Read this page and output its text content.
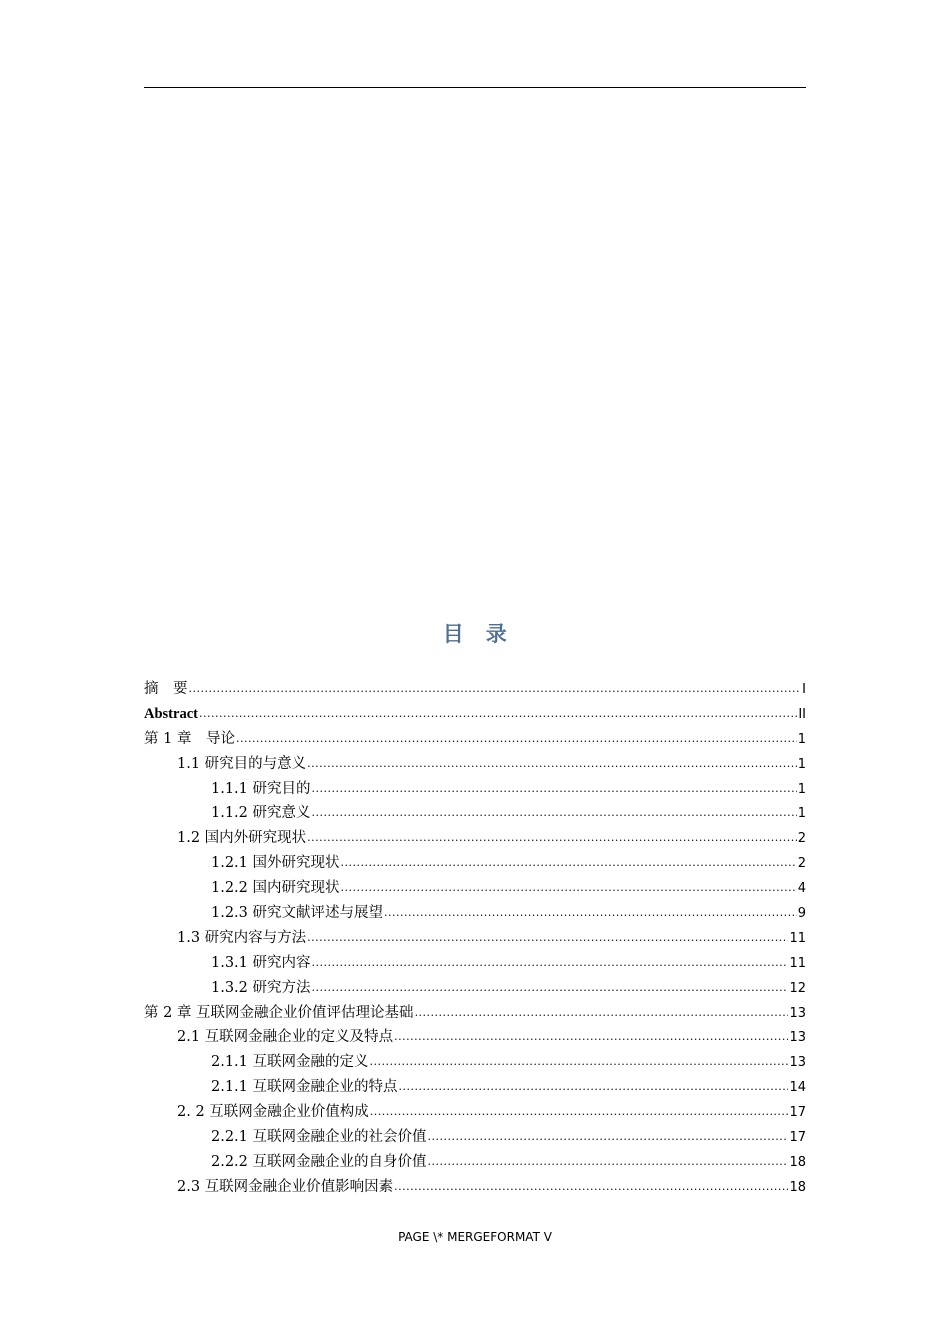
目　录
摘　要 .....	I
Abstract .....	II
第 1 章　导论 .....	1
1.1 研究目的与意义 .....	1
1.1.1 研究目的 .....	1
1.1.2 研究意义 .....	1
1.2 国内外研究现状 .....	2
1.2.1 国外研究现状 .....	2
1.2.2 国内研究现状 .....	4
1.2.3 研究文献评述与展望 .....	9
1.3 研究内容与方法 .....	11
1.3.1 研究内容 .....	11
1.3.2 研究方法 .....	12
第 2 章 互联网金融企业价值评估理论基础 .....	13
2.1 互联网金融企业的定义及特点 .....	13
2.1.1 互联网金融的定义 .....	13
2.1.1 互联网金融企业的特点 .....	14
2. 2 互联网金融企业价值构成 .....	17
2.2.1 互联网金融企业的社会价值 .....	17
2.2.2 互联网金融企业的自身价值 .....	18
2.3 互联网金融企业价值影响因素 .....	18
PAGE \* MERGEFORMAT V
